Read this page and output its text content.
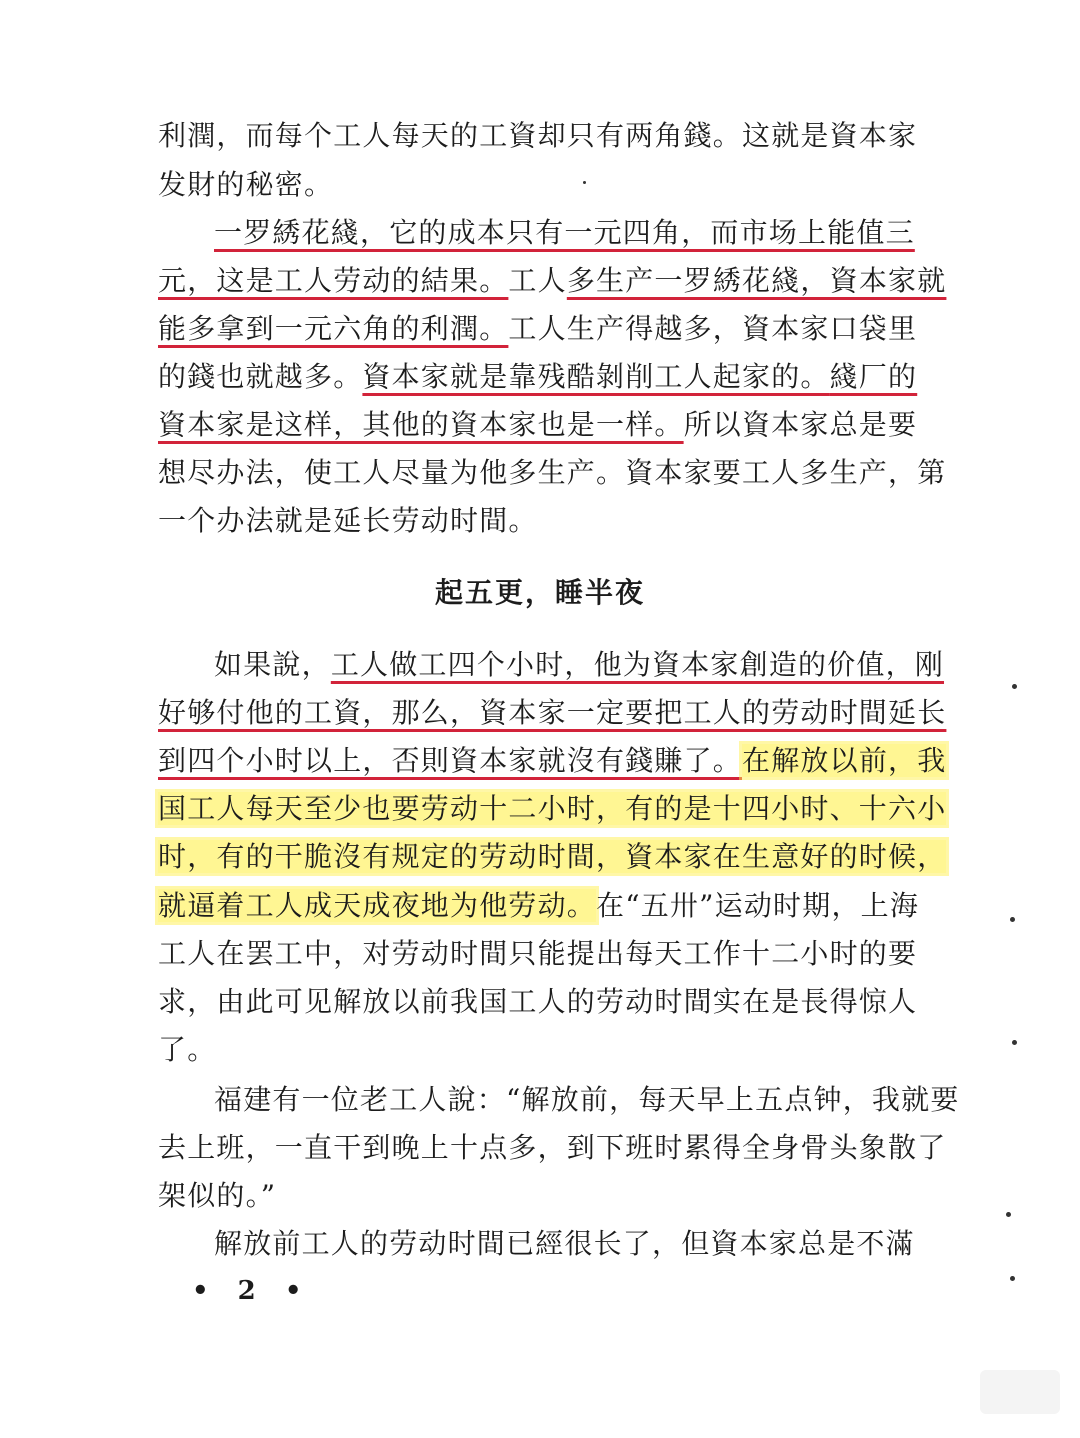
利潤，而每个工人每天的工資却只有两角錢。这就是資本家
发財的秘密。
一罗綉花綫，它的成本只有一元四角，而市场上能值三
元，这是工人劳动的結果。工人多生产一罗綉花綫，資本家就
能多拿到一元六角的利潤。工人生产得越多，資本家口袋里
的錢也就越多。資本家就是靠残酷剝削工人起家的。綫厂的
資本家是这样，其他的資本家也是一样。所以資本家总是要
想尽办法，使工人尽量为他多生产。資本家要工人多生产，第
一个办法就是延长劳动时間。
起五更，睡半夜
如果說，工人做工四个小时，他为資本家創造的价值，刚
好够付他的工資，那么，資本家一定要把工人的劳动时間延长
到四个小时以上，否則資本家就沒有錢賺了。在解放以前，我
国工人每天至少也要劳动十二小时，有的是十四小时、十六小
时，有的干脆沒有规定的劳动时間，資本家在生意好的时候，
就逼着工人成天成夜地为他劳动。在“五卅”运动时期，上海
工人在罢工中，对劳动时間只能提出每天工作十二小时的要
求，由此可见解放以前我国工人的劳动时間实在是長得惊人
了。
福建有一位老工人說：“解放前，每天早上五点钟，我就要
去上班，一直干到晚上十点多，到下班时累得全身骨头象散了
架似的。”
解放前工人的劳动时間已經很长了，但資本家总是不滿
• 2 •
